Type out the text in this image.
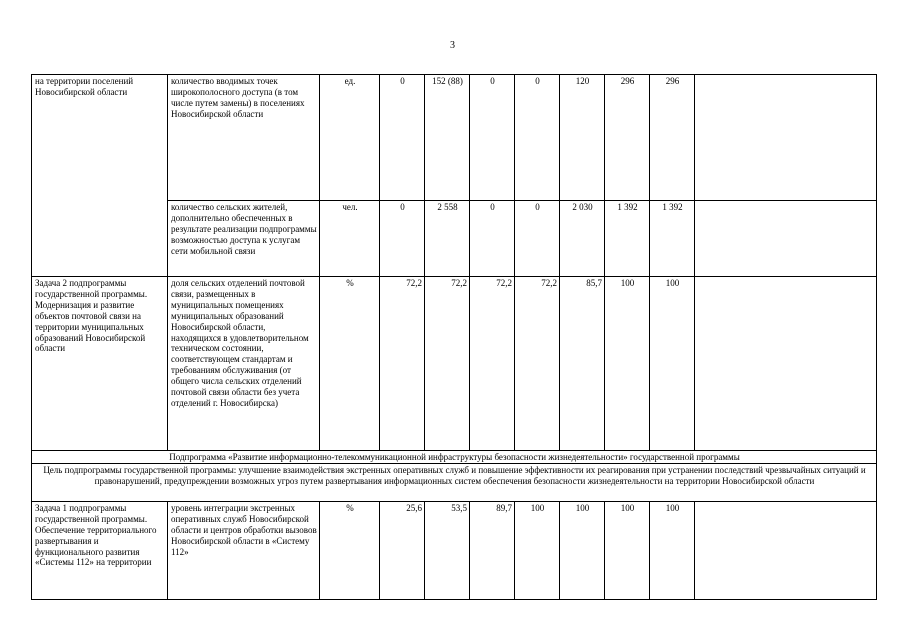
3
на территории поселений Новосибирской области	количество вводимых точек широкополосного доступа (в том числе путем замены) в поселениях Новосибирской области	ед.	0	152 (88)	0	0	120	296	296	
	количество сельских жителей, дополнительно обеспеченных в результате реализации подпрограммы возможностью доступа к услугам сети мобильной связи	чел.	0	2 558	0	0	2 030	1 392	1 392	
Задача 2 подпрограммы государственной программы. Модернизация и развитие объектов почтовой связи на территории муниципальных образований Новосибирской области	доля сельских отделений почтовой связи, размещенных в муниципальных помещениях муниципальных образований Новосибирской области, находящихся в удовлетворительном техническом состоянии, соответствующем стандартам и требованиям обслуживания (от общего числа сельских отделений почтовой связи области без учета отделений г. Новосибирска)	%	72,2	72,2	72,2	72,2	85,7	100	100	
Подпрограмма «Развитие информационно-телекоммуникационной инфраструктуры безопасности жизнедеятельности» государственной программы										
Цель подпрограммы государственной программы: улучшение взаимодействия экстренных оперативных служб и повышение эффективности их реагирования при устранении последствий чрезвычайных ситуаций и правонарушений, предупреждении возможных угроз путем развертывания информационных систем обеспечения безопасности жизнедеятельности на территории Новосибирской области										
Задача 1 подпрограммы государственной программы. Обеспечение территориального развертывания и функционального развития «Системы 112» на территории	уровень интеграции экстренных оперативных служб Новосибирской области и центров обработки вызовов Новосибирской области в «Систему 112»	%	25,6	53,5	89,7	100	100	100	100	
